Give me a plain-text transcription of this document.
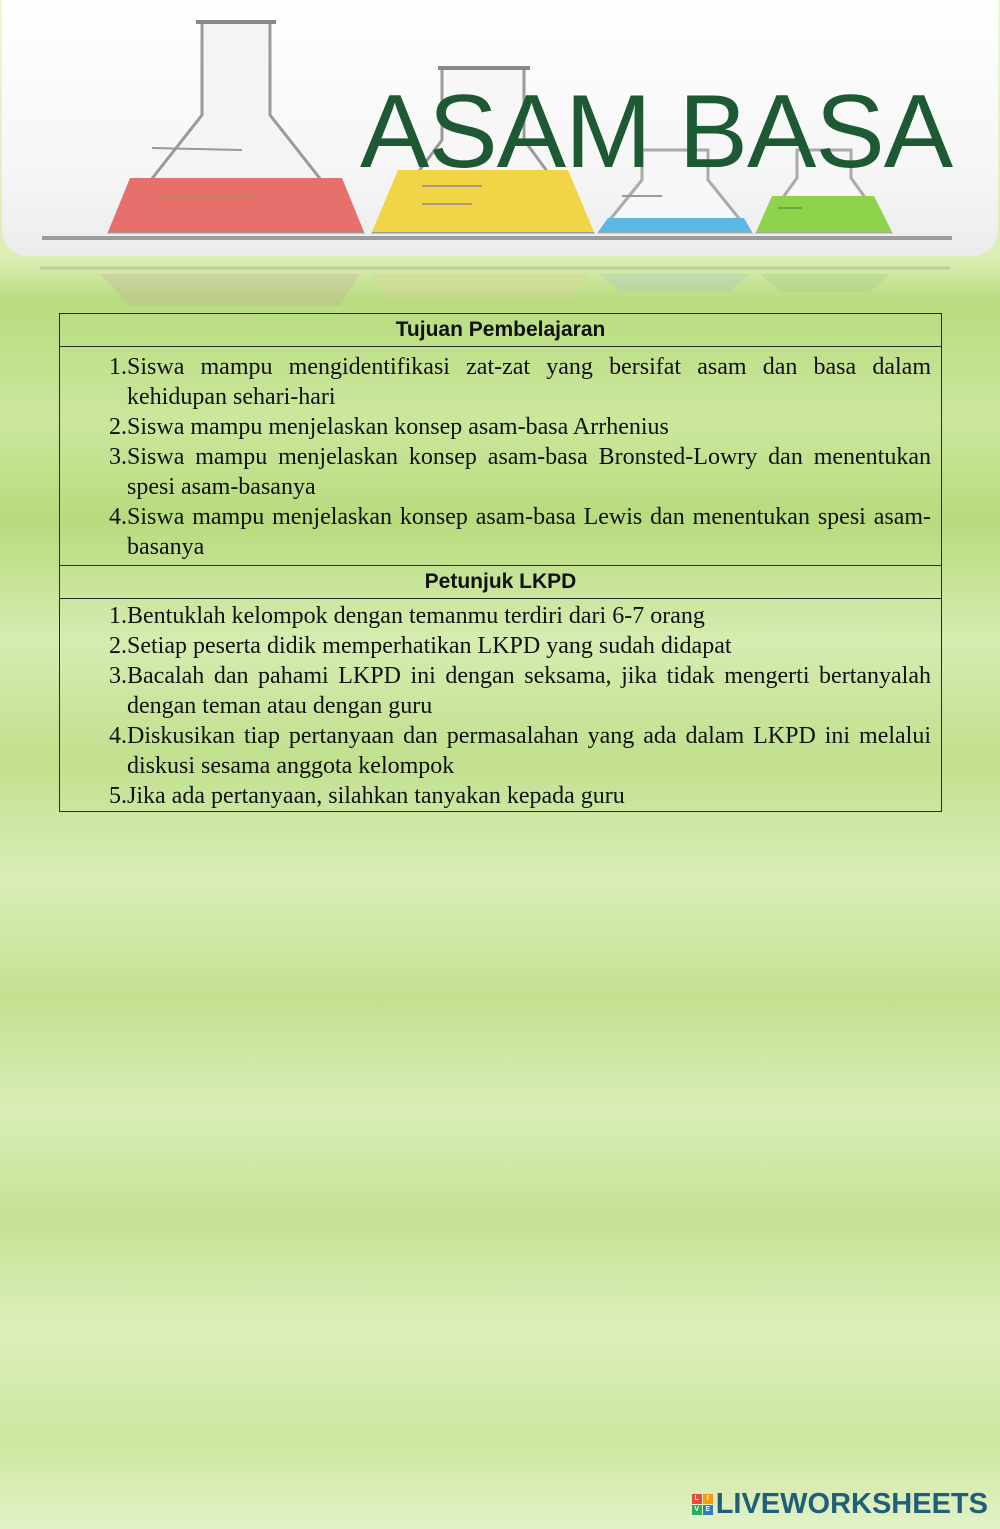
ASAM BASA
Tujuan Pembelajaran

1. Siswa mampu mengidentifikasi zat-zat yang bersifat asam dan basa dalam kehidupan sehari-hari
2. Siswa mampu menjelaskan konsep asam-basa Arrhenius
3. Siswa mampu menjelaskan konsep asam-basa Bronsted-Lowry dan menentukan spesi asam-basanya
4. Siswa mampu menjelaskan konsep asam-basa Lewis dan menentukan spesi asam-basanya

Petunjuk LKPD

1. Bentuklah kelompok dengan temanmu terdiri dari 6-7 orang
2. Setiap peserta didik memperhatikan LKPD yang sudah didapat
3. Bacalah dan pahami LKPD ini dengan seksama, jika tidak mengerti bertanyalah dengan teman atau dengan guru
4. Diskusikan tiap pertanyaan dan permasalahan yang ada dalam LKPD ini melalui diskusi sesama anggota kelompok
5. Jika ada pertanyaan, silahkan tanyakan kepada guru
L	I
V E LIVEWORKSHEETS
